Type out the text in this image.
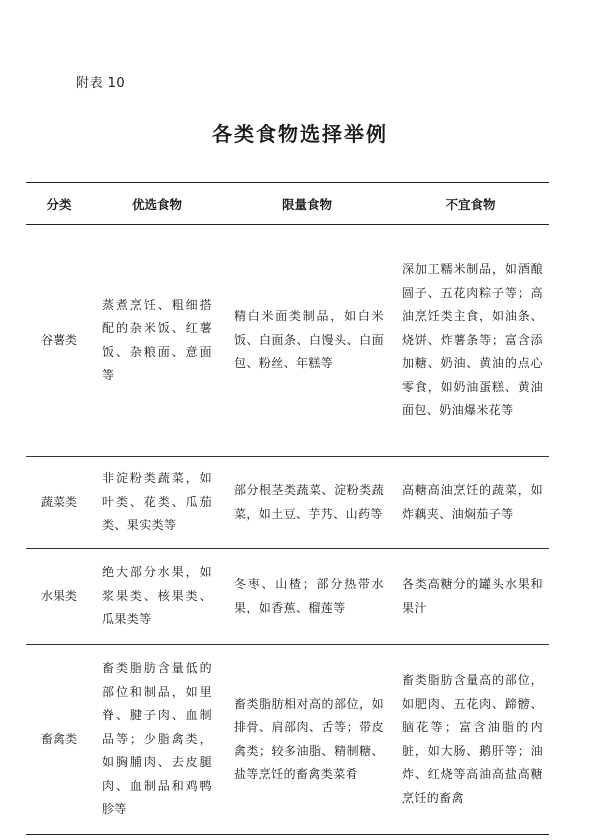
附表 10
各类食物选择举例
分类	优选食物	限量食物	不宜食物
谷薯类	蒸煮烹饪、粗细搭配的杂米饭、红薯饭、杂粮面、意面等	精白米面类制品，如白米饭、白面条、白馒头、白面包、粉丝、年糕等	深加工糯米制品，如酒酿圆子、五花肉粽子等；高油烹饪类主食，如油条、烧饼、炸薯条等；富含添加糖、奶油、黄油的点心零食，如奶油蛋糕、黄油面包、奶油爆米花等
蔬菜类	非淀粉类蔬菜，如叶类、花类、瓜茄类、果实类等	部分根茎类蔬菜、淀粉类蔬菜，如土豆、芋艿、山药等	高糖高油烹饪的蔬菜，如炸藕夹、油焖茄子等
水果类	绝大部分水果，如浆果类、核果类、瓜果类等	冬枣、山楂；部分热带水果，如香蕉、榴莲等	各类高糖分的罐头水果和果汁
畜禽类	畜类脂肪含量低的部位和制品，如里脊、腱子肉、血制品等；少脂禽类，如胸脯肉、去皮腿肉、血制品和鸡鸭胗等	畜类脂肪相对高的部位，如排骨、肩部肉、舌等；带皮禽类；较多油脂、精制糖、盐等烹饪的畜禽类菜肴	畜类脂肪含量高的部位，如肥肉、五花肉、蹄髈、脑花等；富含油脂的内脏，如大肠、鹅肝等；油炸、红烧等高油高盐高糖烹饪的畜禽
